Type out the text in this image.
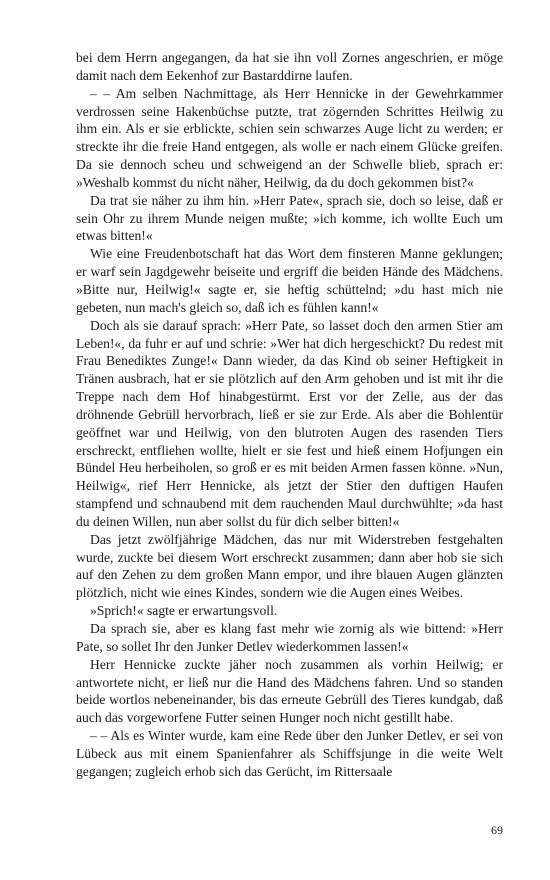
bei dem Herrn angegangen, da hat sie ihn voll Zornes angeschrien, er möge damit nach dem Eekenhof zur Bastarddirne laufen.

– – Am selben Nachmittage, als Herr Hennicke in der Gewehrkammer verdrossen seine Hakenbüchse putzte, trat zögernden Schrittes Heilwig zu ihm ein. Als er sie erblickte, schien sein schwarzes Auge licht zu werden; er streckte ihr die freie Hand entgegen, als wolle er nach einem Glücke greifen. Da sie dennoch scheu und schweigend an der Schwelle blieb, sprach er: »Weshalb kommst du nicht näher, Heilwig, da du doch gekommen bist?«

Da trat sie näher zu ihm hin. »Herr Pate«, sprach sie, doch so leise, daß er sein Ohr zu ihrem Munde neigen mußte; »ich komme, ich wollte Euch um etwas bitten!«

Wie eine Freudenbotschaft hat das Wort dem finsteren Manne geklungen; er warf sein Jagdgewehr beiseite und ergriff die beiden Hände des Mädchens. »Bitte nur, Heilwig!« sagte er, sie heftig schüttelnd; »du hast mich nie gebeten, nun mach's gleich so, daß ich es fühlen kann!«

Doch als sie darauf sprach: »Herr Pate, so lasset doch den armen Stier am Leben!«, da fuhr er auf und schrie: »Wer hat dich hergeschickt? Du redest mit Frau Benediktes Zunge!« Dann wieder, da das Kind ob seiner Heftigkeit in Tränen ausbrach, hat er sie plötzlich auf den Arm gehoben und ist mit ihr die Treppe nach dem Hof hinabgestürmt. Erst vor der Zelle, aus der das dröhnende Gebrüll hervorbrach, ließ er sie zur Erde. Als aber die Bohlentür geöffnet war und Heilwig, von den blutroten Augen des rasenden Tiers erschreckt, entfliehen wollte, hielt er sie fest und hieß einem Hofjungen ein Bündel Heu herbeiholen, so groß er es mit beiden Armen fassen könne. »Nun, Heilwig«, rief Herr Hennicke, als jetzt der Stier den duftigen Haufen stampfend und schnaubend mit dem rauchenden Maul durchwühlte; »da hast du deinen Willen, nun aber sollst du für dich selber bitten!«

Das jetzt zwölfjährige Mädchen, das nur mit Widerstreben festgehalten wurde, zuckte bei diesem Wort erschreckt zusammen; dann aber hob sie sich auf den Zehen zu dem großen Mann empor, und ihre blauen Augen glänzten plötzlich, nicht wie eines Kindes, sondern wie die Augen eines Weibes.

»Sprich!« sagte er erwartungsvoll.

Da sprach sie, aber es klang fast mehr wie zornig als wie bittend: »Herr Pate, so sollet Ihr den Junker Detlev wiederkommen lassen!«

Herr Hennicke zuckte jäher noch zusammen als vorhin Heilwig; er antwortete nicht, er ließ nur die Hand des Mädchens fahren. Und so standen beide wortlos nebeneinander, bis das erneute Gebrüll des Tieres kundgab, daß auch das vorgeworfene Futter seinen Hunger noch nicht gestillt habe.

– – Als es Winter wurde, kam eine Rede über den Junker Detlev, er sei von Lübeck aus mit einem Spanienfahrer als Schiffsjunge in die weite Welt gegangen; zugleich erhob sich das Gerücht, im Rittersaale

69
